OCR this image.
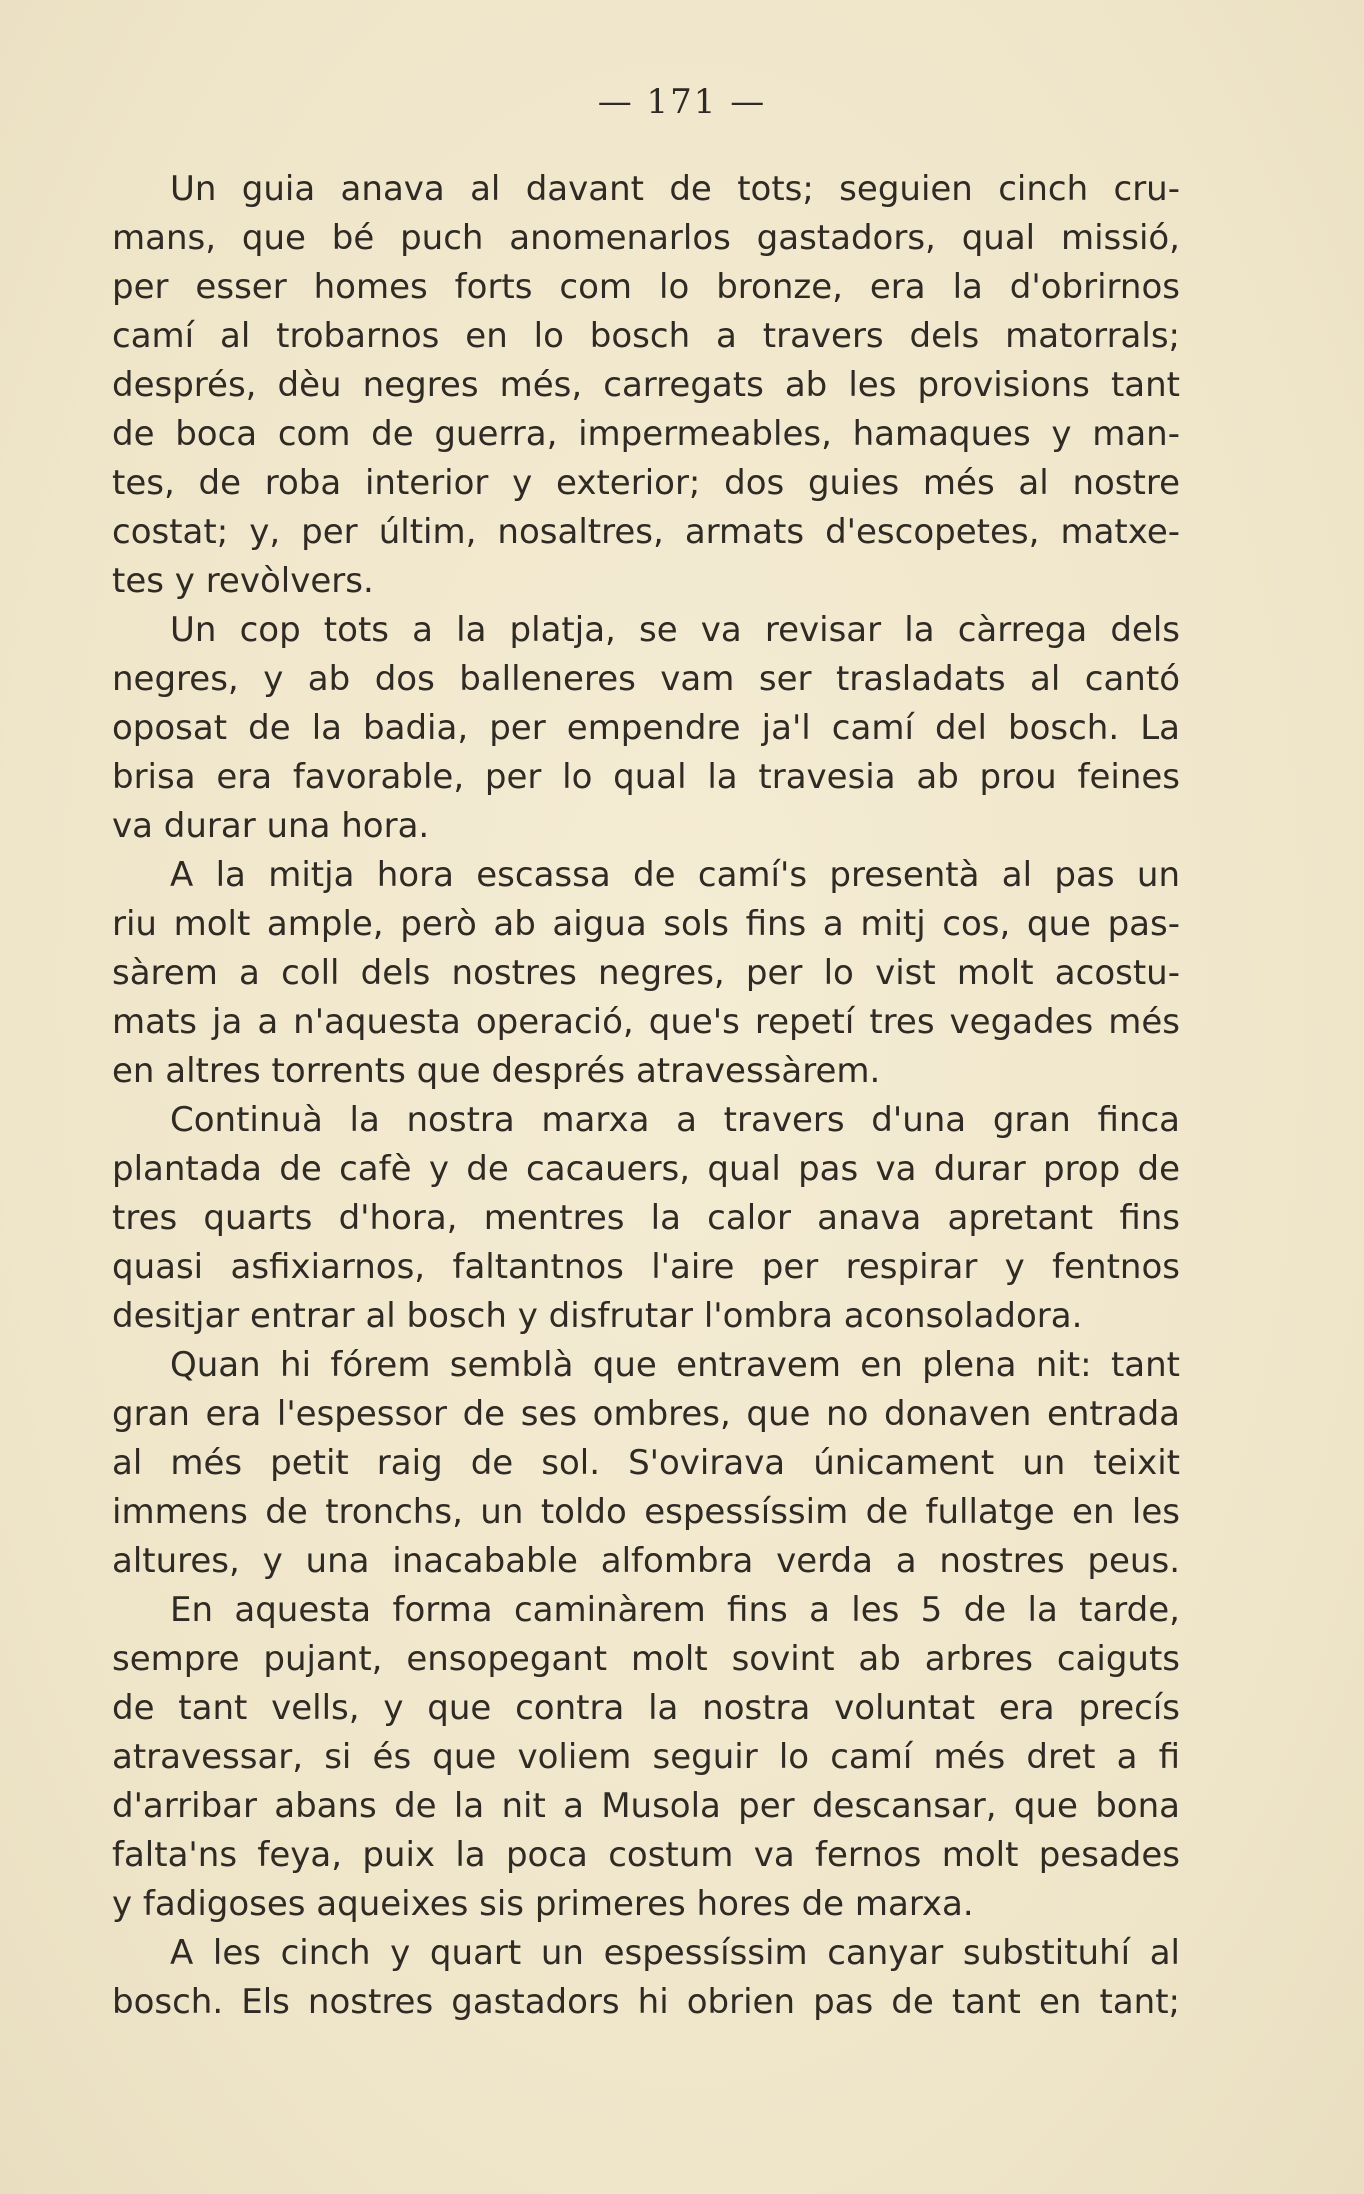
— 171 —
Un guia anava al davant de tots; seguien cinch cru-
mans, que bé puch anomenarlos gastadors, qual missió,
per esser homes forts com lo bronze, era la d'obrirnos
camí al trobarnos en lo bosch a travers dels matorrals;
després, dèu negres més, carregats ab les provisions tant
de boca com de guerra, impermeables, hamaques y man-
tes, de roba interior y exterior; dos guies més al nostre
costat; y, per últim, nosaltres, armats d'escopetes, matxe-
tes y revòlvers.
Un cop tots a la platja, se va revisar la càrrega dels
negres, y ab dos balleneres vam ser trasladats al cantó
oposat de la badia, per empendre ja'l camí del bosch. La
brisa era favorable, per lo qual la travesia ab prou feines
va durar una hora.
A la mitja hora escassa de camí's presentà al pas un
riu molt ample, però ab aigua sols fins a mitj cos, que pas-
sàrem a coll dels nostres negres, per lo vist molt acostu-
mats ja a n'aquesta operació, que's repetí tres vegades més
en altres torrents que després atravessàrem.
Continuà la nostra marxa a travers d'una gran finca
plantada de cafè y de cacauers, qual pas va durar prop de
tres quarts d'hora, mentres la calor anava apretant fins
quasi asfixiarnos, faltantnos l'aire per respirar y fentnos
desitjar entrar al bosch y disfrutar l'ombra aconsoladora.
Quan hi fórem semblà que entravem en plena nit: tant
gran era l'espessor de ses ombres, que no donaven entrada
al més petit raig de sol. S'ovirava únicament un teixit
immens de tronchs, un toldo espessíssim de fullatge en les
altures, y una inacabable alfombra verda a nostres peus.
En aquesta forma caminàrem fins a les 5 de la tarde,
sempre pujant, ensopegant molt sovint ab arbres caiguts
de tant vells, y que contra la nostra voluntat era precís
atravessar, si és que voliem seguir lo camí més dret a fi
d'arribar abans de la nit a Musola per descansar, que bona
falta'ns feya, puix la poca costum va fernos molt pesades
y fadigoses aqueixes sis primeres hores de marxa.
A les cinch y quart un espessíssim canyar substituhí al
bosch. Els nostres gastadors hi obrien pas de tant en tant;
